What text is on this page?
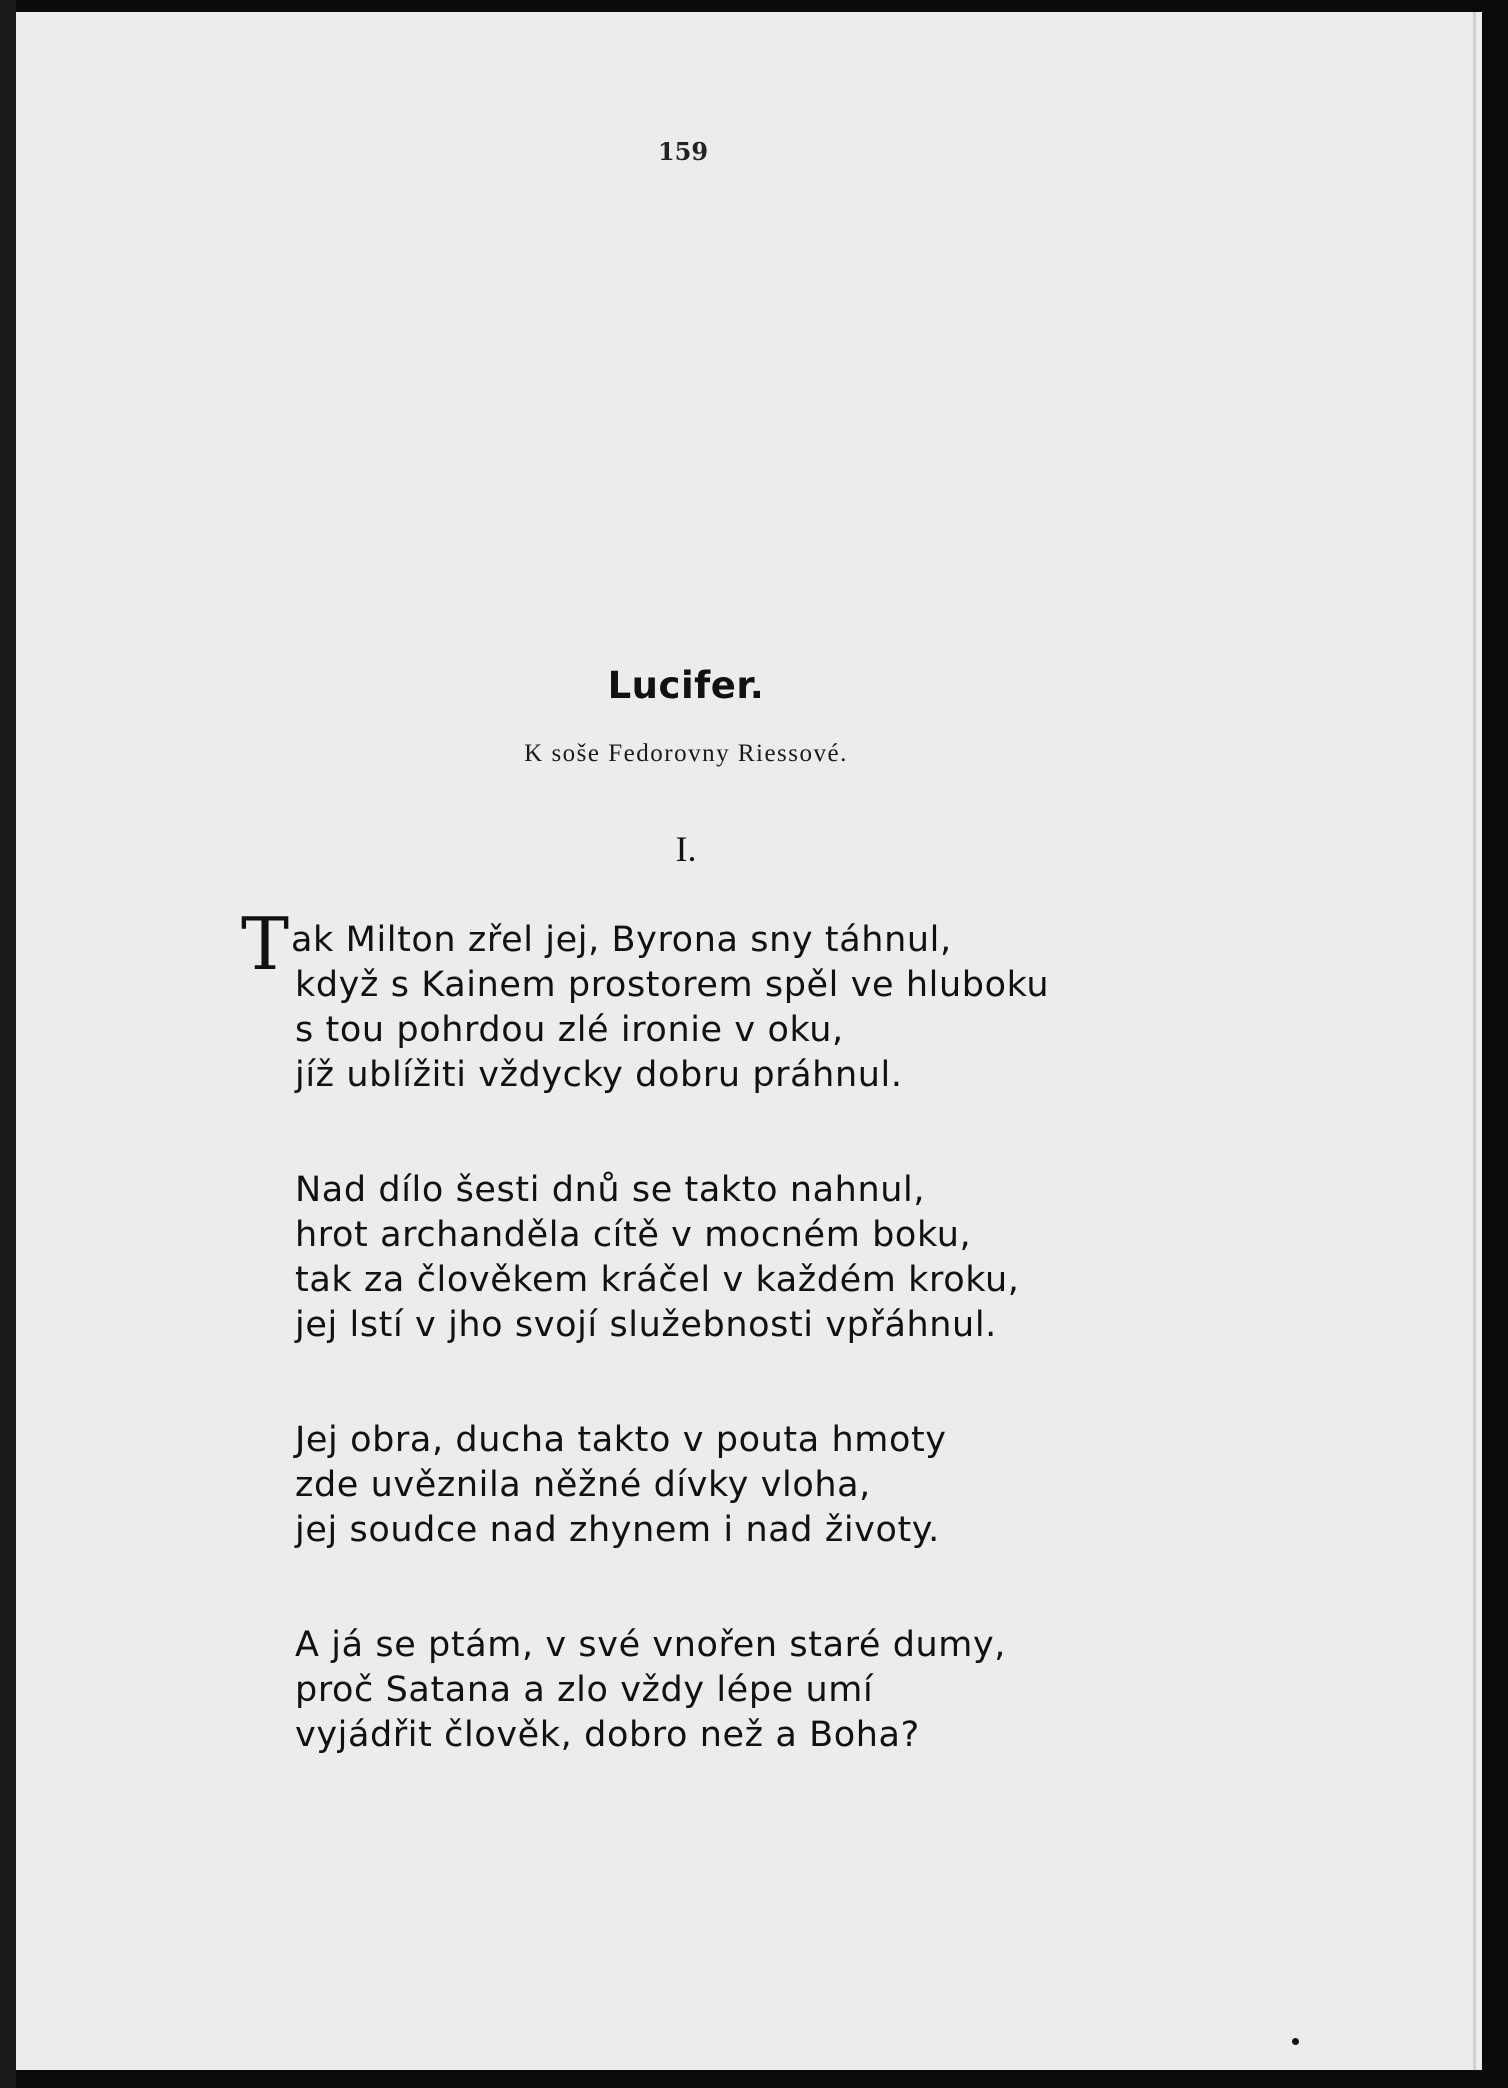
159
Lucifer.
K soše Fedorovny Riessové.
I.
T ak Milton zřel jej, Byrona sny táhnul,
když s Kainem prostorem spěl ve hluboku
s tou pohrdou zlé ironie v oku,
jíž ublížiti vždycky dobru práhnul.
Nad dílo šesti dnů se takto nahnul,
hrot archanděla cítě v mocném boku,
tak za člověkem kráčel v každém kroku,
jej lstí v jho svojí služebnosti vpřáhnul.
Jej obra, ducha takto v pouta hmoty
zde uvěznila něžné dívky vloha,
jej soudce nad zhynem i nad životy.
A já se ptám, v své vnořen staré dumy,
proč Satana a zlo vždy lépe umí
vyjádřit člověk, dobro než a Boha?
